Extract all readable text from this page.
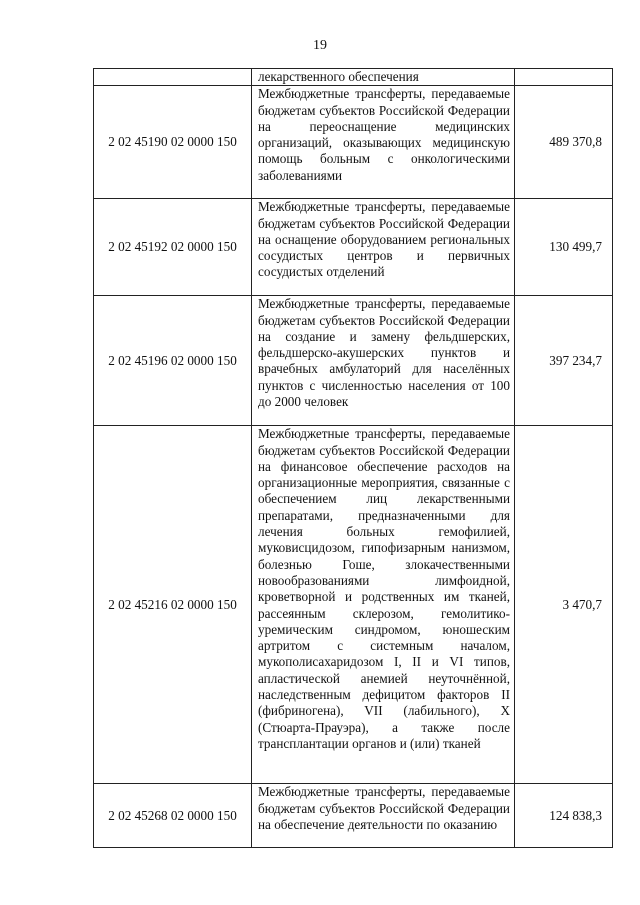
19
	лекарственного обеспечения	
2 02 45190 02 0000 150	Межбюджетные трансферты, передаваемые бюджетам субъектов Российской Федерации на переоснащение медицинских организаций, оказывающих медицинскую помощь больным с онкологическими заболеваниями	489 370,8
2 02 45192 02 0000 150	Межбюджетные трансферты, передаваемые бюджетам субъектов Российской Федерации на оснащение оборудованием региональных сосудистых центров и первичных сосудистых отделений	130 499,7
2 02 45196 02 0000 150	Межбюджетные трансферты, передаваемые бюджетам субъектов Российской Федерации на создание и замену фельдшерских, фельдшерско-акушерских пунктов и врачебных амбулаторий для населённых пунктов с численностью населения от 100 до 2000 человек	397 234,7
2 02 45216 02 0000 150	Межбюджетные трансферты, передаваемые бюджетам субъектов Российской Федерации на финансовое обеспечение расходов на организационные мероприятия, связанные с обеспечением лиц лекарственными препаратами, предназначенными для лечения больных гемофилией, муковисцидозом, гипофизарным нанизмом, болезнью Гоше, злокачественными новообразованиями лимфоидной, кроветворной и родственных им тканей, рассеянным склерозом, гемолитико-уремическим синдромом, юношеским артритом с системным началом, мукополисахаридозом I, II и VI типов, апластической анемией неуточнённой, наследственным дефицитом факторов II (фибриногена), VII (лабильного), X (Стюарта-Прауэра), а также после трансплантации органов и (или) тканей	3 470,7
2 02 45268 02 0000 150	Межбюджетные трансферты, передаваемые бюджетам субъектов Российской Федерации на обеспечение деятельности по оказанию	124 838,3
